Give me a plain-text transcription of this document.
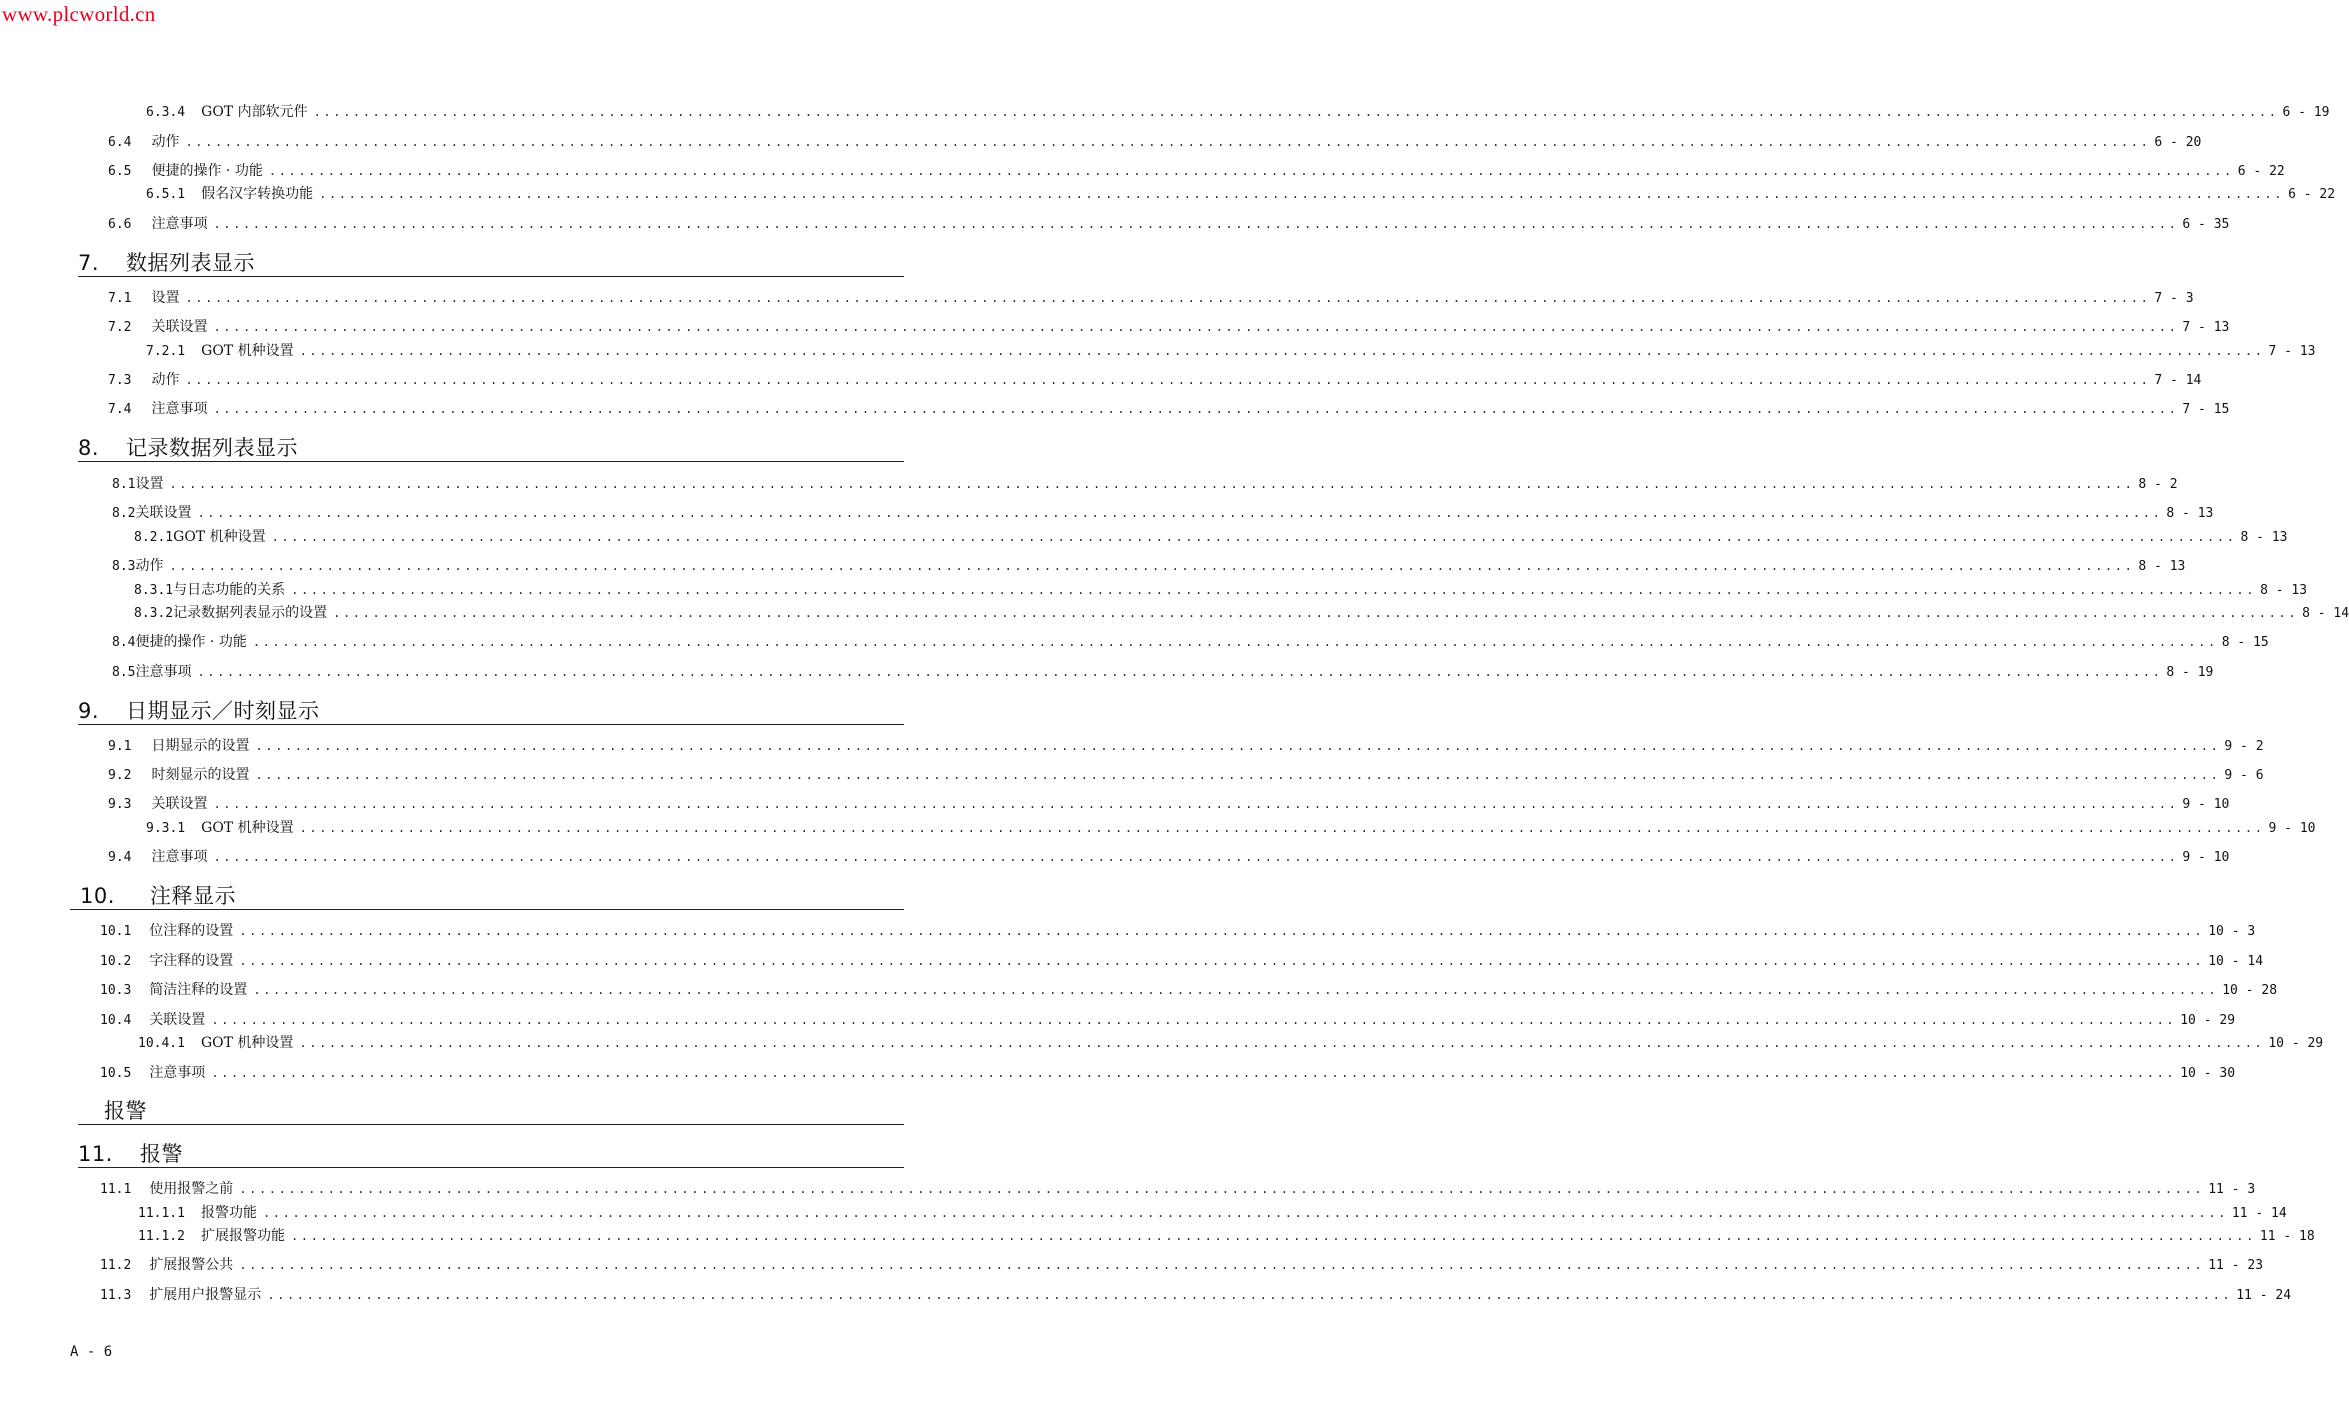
www.plcworld.cn
6.3.4 GOT 内部软元件 ........................................................................................................................................................................................................ 6 - 19
6.4 动作 ........................................................................................................................................................................................................ 6 - 20
6.5 便捷的操作 · 功能 ........................................................................................................................................................................................................ 6 - 22
6.5.1 假名汉字转换功能 ........................................................................................................................................................................................................ 6 - 22
6.6 注意事项 ........................................................................................................................................................................................................ 6 - 35
7. 数据列表显示
7.1 设置 ........................................................................................................................................................................................................ 7 - 3
7.2 关联设置 ........................................................................................................................................................................................................ 7 - 13
7.2.1 GOT 机种设置 ........................................................................................................................................................................................................ 7 - 13
7.3 动作 ........................................................................................................................................................................................................ 7 - 14
7.4 注意事项 ........................................................................................................................................................................................................ 7 - 15
8. 记录数据列表显示
8.1 设置 ........................................................................................................................................................................................................ 8 - 2
8.2 关联设置 ........................................................................................................................................................................................................ 8 - 13
8.2.1 GOT 机种设置 ........................................................................................................................................................................................................ 8 - 13
8.3 动作 ........................................................................................................................................................................................................ 8 - 13
8.3.1 与日志功能的关系 ........................................................................................................................................................................................................ 8 - 13
8.3.2 记录数据列表显示的设置 ........................................................................................................................................................................................................ 8 - 14
8.4 便捷的操作 · 功能 ........................................................................................................................................................................................................ 8 - 15
8.5 注意事项 ........................................................................................................................................................................................................ 8 - 19
9. 日期显示／时刻显示
9.1 日期显示的设置 ........................................................................................................................................................................................................ 9 - 2
9.2 时刻显示的设置 ........................................................................................................................................................................................................ 9 - 6
9.3 关联设置 ........................................................................................................................................................................................................ 9 - 10
9.3.1 GOT 机种设置 ........................................................................................................................................................................................................ 9 - 10
9.4 注意事项 ........................................................................................................................................................................................................ 9 - 10
10. 注释显示
10.1 位注释的设置 ........................................................................................................................................................................................................ 10 - 3
10.2 字注释的设置 ........................................................................................................................................................................................................ 10 - 14
10.3 简洁注释的设置 ........................................................................................................................................................................................................ 10 - 28
10.4 关联设置 ........................................................................................................................................................................................................ 10 - 29
10.4.1 GOT 机种设置 ........................................................................................................................................................................................................ 10 - 29
10.5 注意事项 ........................................................................................................................................................................................................ 10 - 30
报警
11. 报警
11.1 使用报警之前 ........................................................................................................................................................................................................ 11 - 3
11.1.1 报警功能 ........................................................................................................................................................................................................ 11 - 14
11.1.2 扩展报警功能 ........................................................................................................................................................................................................ 11 - 18
11.2 扩展报警公共 ........................................................................................................................................................................................................ 11 - 23
11.3 扩展用户报警显示 ........................................................................................................................................................................................................ 11 - 24
A - 6
